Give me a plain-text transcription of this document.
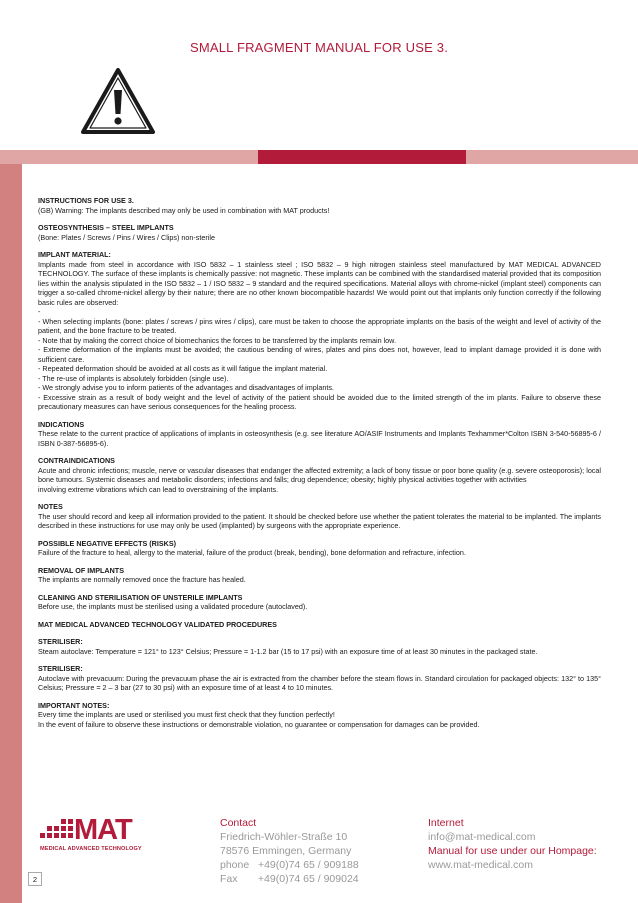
SMALL FRAGMENT MANUAL FOR USE 3.
INSTRUCTIONS FOR USE 3.
(GB) Warning: The implants described may only be used in combination with MAT products!
OSTEOSYNTHESIS – STEEL IMPLANTS
(Bone: Plates / Screws / Pins / Wires / Clips) non-sterile
IMPLANT MATERIAL:
Implants made from steel in accordance with ISO 5832 – 1 stainless steel ; ISO 5832 – 9 high nitrogen stainless steel manufactured by MAT MEDICAL ADVANCED TECHNOLOGY. The surface of these implants is chemically passive: not magnetic. These implants can be combined with the standardised material provided that its composition lies within the analysis stipulated in the ISO 5832 – 1 / ISO 5832 – 9 standard and the required specifications. Material alloys with chrome-nickel (implant steel) components can trigger a so-called chrome-nickel allergy by their nature; there are no other known biocompatible hazards! We would point out that implants only function correctly if the following basic rules are observed:
-
- When selecting implants (bone: plates / screws / pins wires / clips), care must be taken to choose the appropriate implants on the basis of the weight and level of activity of the patient, and the bone fracture to be treated.
- Note that by making the correct choice of biomechanics the forces to be transferred by the implants remain low.
- Extreme deformation of the implants must be avoided; the cautious bending of wires, plates and pins does not, however, lead to implant damage provided it is done with sufficient care.
- Repeated deformation should be avoided at all costs as it will fatigue the implant material.
- The re-use of implants is absolutely forbidden (single use).
- We strongly advise you to inform patients of the advantages and disadvantages of implants.
- Excessive strain as a result of body weight and the level of activity of the patient should be avoided due to the limited strength of the im plants. Failure to observe these precautionary measures can have serious consequences for the healing process.
INDICATIONS
These relate to the current practice of applications of implants in osteosynthesis (e.g. see literature AO/ASIF Instruments and Implants Texhammer*Colton ISBN 3-540-56895-6 / ISBN 0-387-56895-6).
CONTRAINDICATIONS
Acute and chronic infections; muscle, nerve or vascular diseases that endanger the affected extremity; a lack of bony tissue or poor bone quality (e.g. severe osteoporosis); local bone tumours. Systemic diseases and metabolic disorders; infections and falls; drug dependence; obesity; highly physical activities together with activities
involving extreme vibrations which can lead to overstraining of the implants.
NOTES
The user should record and keep all information provided to the patient. It should be checked before use whether the patient tolerates the material to be implanted. The implants described in these instructions for use may only be used (implanted) by surgeons with the appropriate experience.
POSSIBLE NEGATIVE EFFECTS (RISKS)
Failure of the fracture to heal, allergy to the material, failure of the product (break, bending), bone deformation and refracture, infection.
REMOVAL OF IMPLANTS
The implants are normally removed once the fracture has healed.
CLEANING AND STERILISATION OF UNSTERILE IMPLANTS
Before use, the implants must be sterilised using a validated procedure (autoclaved).
MAT MEDICAL ADVANCED TECHNOLOGY VALIDATED PROCEDURES
STERILISER:
Steam autoclave: Temperature = 121° to 123° Celsius; Pressure = 1-1.2 bar (15 to 17 psi) with an exposure time of at least 30 minutes in the packaged state.
STERILISER:
Autoclave with prevacuum: During the prevacuum phase the air is extracted from the chamber before the steam flows in. Standard circulation for packaged objects: 132° to 135° Celsius; Pressure = 2 – 3 bar (27 to 30 psi) with an exposure time of at least 4 to 10 minutes.
IMPORTANT NOTES:
Every time the implants are used or sterilised you must first check that they function perfectly!
In the event of failure to observe these instructions or demonstrable violation, no guarantee or compensation for damages can be provided.
MAT
MEDICAL ADVANCED TECHNOLOGY
Contact
Friedrich-Wöhler-Straße 10
78576 Emmingen, Germany
phone   +49(0)74 65 / 909188
Fax       +49(0)74 65 / 909024
Internet
info@mat-medical.com
Manual for use under our Hompage:
www.mat-medical.com
2
